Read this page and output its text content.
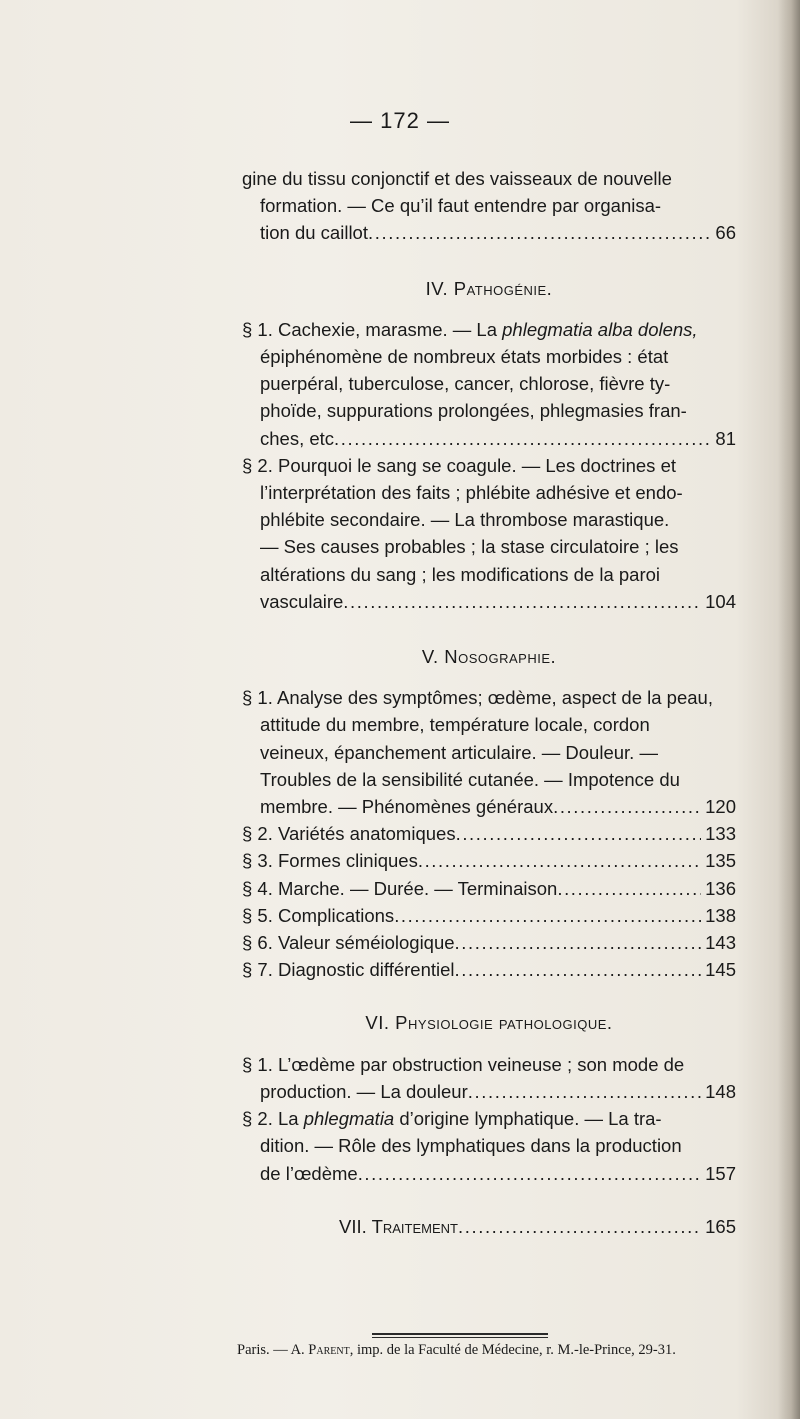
— 172 —
gine du tissu conjonctif et des vaisseaux de nouvelle
formation. — Ce qu’il faut entendre par organisa-
tion du caillot .....	66
IV. Pathogénie.
§ 1. Cachexie, marasme. — La phlegmatia alba dolens,
épiphénomène de nombreux états morbides : état
puerpéral, tuberculose, cancer, chlorose, fièvre ty-
phoïde, suppurations prolongées, phlegmasies fran-
ches, etc .....	81
§ 2. Pourquoi le sang se coagule. — Les doctrines et
l’interprétation des faits ; phlébite adhésive et endo-
phlébite secondaire. — La thrombose marastique.
— Ses causes probables ; la stase circulatoire ; les
altérations du sang ; les modifications de la paroi
vasculaire .....	104
V. Nosographie.
§ 1. Analyse des symptômes; œdème, aspect de la peau,
attitude du membre, température locale, cordon
veineux, épanchement articulaire. — Douleur. —
Troubles de la sensibilité cutanée. — Impotence du
membre. — Phénomènes généraux .....	120
§ 2. Variétés anatomiques .....	133
§ 3. Formes cliniques .....	135
§ 4. Marche. — Durée. — Terminaison .....	136
§ 5. Complications .....	138
§ 6. Valeur séméiologique .....	143
§ 7. Diagnostic différentiel .....	145
VI. Physiologie pathologique.
§ 1. L’œdème par obstruction veineuse ; son mode de
production. — La douleur .....	148
§ 2. La phlegmatia d’origine lymphatique. — La tra-
dition. — Rôle des lymphatiques dans la production
de l’œdème .....	157
VII. Traitement .....	165
Paris. — A. Parent, imp. de la Faculté de Médecine, r. M.-le-Prince, 29-31.
